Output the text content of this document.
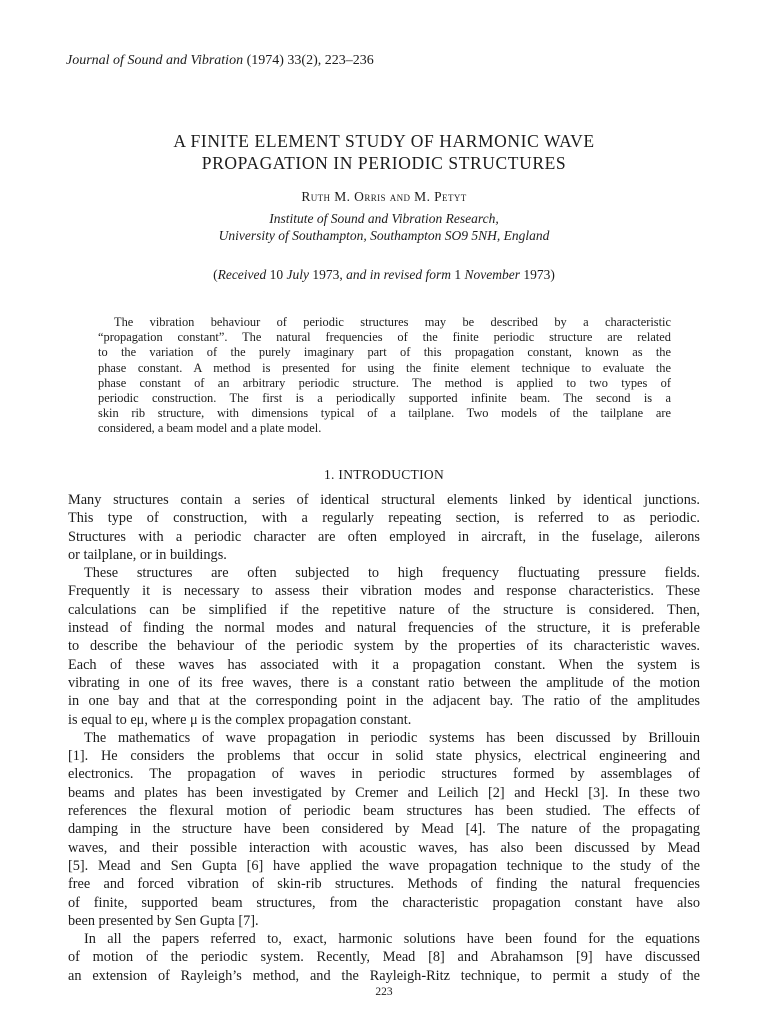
Journal of Sound and Vibration (1974) 33(2), 223–236
A FINITE ELEMENT STUDY OF HARMONIC WAVE
PROPAGATION IN PERIODIC STRUCTURES
Ruth M. Orris and M. Petyt
Institute of Sound and Vibration Research,
University of Southampton, Southampton SO9 5NH, England
(Received 10 July 1973, and in revised form 1 November 1973)
The vibration behaviour of periodic structures may be described by a characteristic
“propagation constant”. The natural frequencies of the finite periodic structure are related
to the variation of the purely imaginary part of this propagation constant, known as the
phase constant. A method is presented for using the finite element technique to evaluate the
phase constant of an arbitrary periodic structure. The method is applied to two types of
periodic construction. The first is a periodically supported infinite beam. The second is a
skin rib structure, with dimensions typical of a tailplane. Two models of the tailplane are
considered, a beam model and a plate model.
1. INTRODUCTION
Many structures contain a series of identical structural elements linked by identical junctions.
This type of construction, with a regularly repeating section, is referred to as periodic.
Structures with a periodic character are often employed in aircraft, in the fuselage, ailerons
or tailplane, or in buildings.
These structures are often subjected to high frequency fluctuating pressure fields.
Frequently it is necessary to assess their vibration modes and response characteristics. These
calculations can be simplified if the repetitive nature of the structure is considered. Then,
instead of finding the normal modes and natural frequencies of the structure, it is preferable
to describe the behaviour of the periodic system by the properties of its characteristic waves.
Each of these waves has associated with it a propagation constant. When the system is
vibrating in one of its free waves, there is a constant ratio between the amplitude of the motion
in one bay and that at the corresponding point in the adjacent bay. The ratio of the amplitudes
is equal to eμ, where μ is the complex propagation constant.
The mathematics of wave propagation in periodic systems has been discussed by Brillouin
[1]. He considers the problems that occur in solid state physics, electrical engineering and
electronics. The propagation of waves in periodic structures formed by assemblages of
beams and plates has been investigated by Cremer and Leilich [2] and Heckl [3]. In these two
references the flexural motion of periodic beam structures has been studied. The effects of
damping in the structure have been considered by Mead [4]. The nature of the propagating
waves, and their possible interaction with acoustic waves, has also been discussed by Mead
[5]. Mead and Sen Gupta [6] have applied the wave propagation technique to the study of the
free and forced vibration of skin-rib structures. Methods of finding the natural frequencies
of finite, supported beam structures, from the characteristic propagation constant have also
been presented by Sen Gupta [7].
In all the papers referred to, exact, harmonic solutions have been found for the equations
of motion of the periodic system. Recently, Mead [8] and Abrahamson [9] have discussed
an extension of Rayleigh’s method, and the Rayleigh-Ritz technique, to permit a study of the
223
